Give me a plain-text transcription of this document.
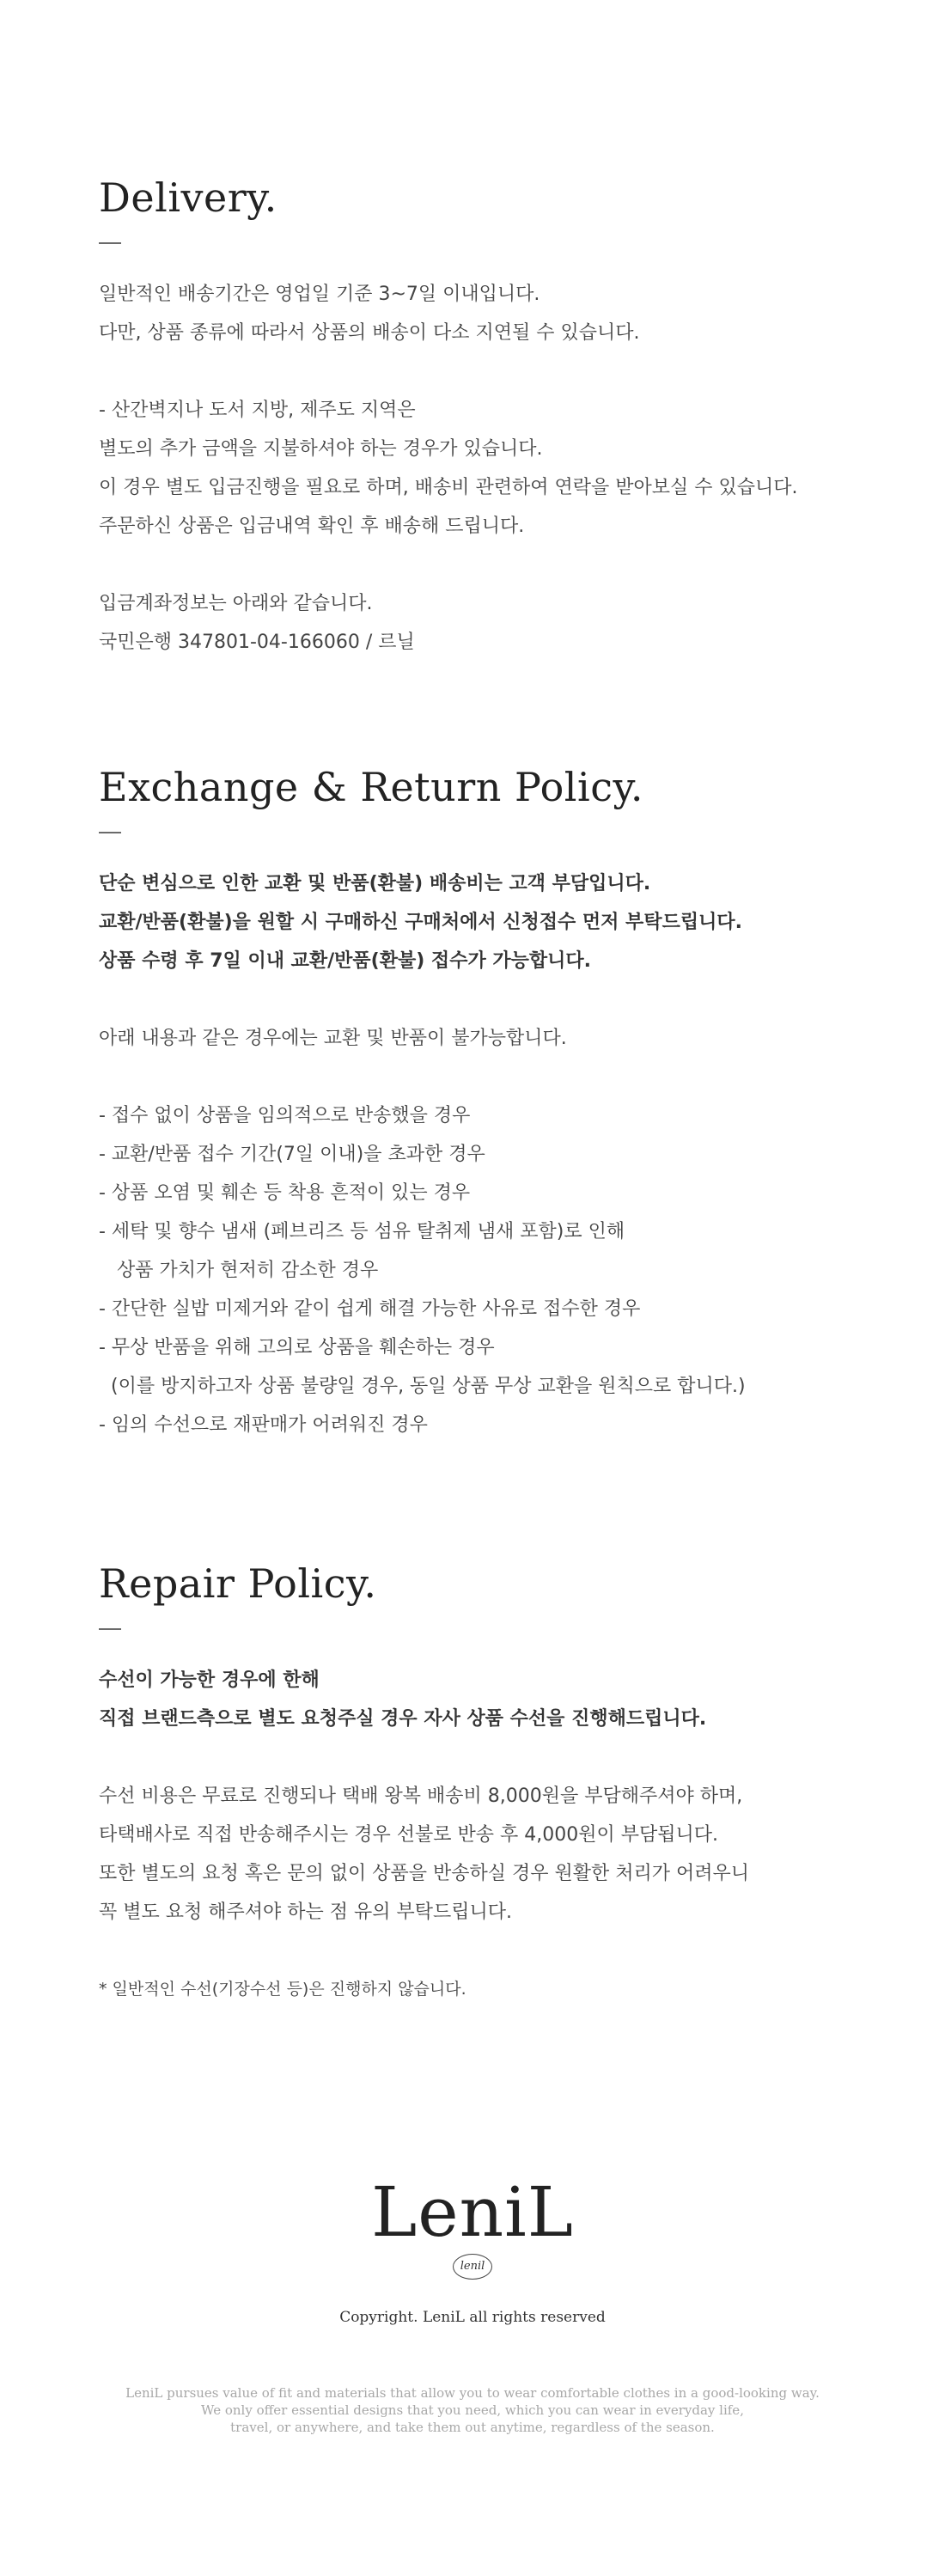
Delivery.
일반적인 배송기간은 영업일 기준 3~7일 이내입니다.
다만, 상품 종류에 따라서 상품의 배송이 다소 지연될 수 있습니다.
- 산간벽지나 도서 지방, 제주도 지역은
별도의 추가 금액을 지불하셔야 하는 경우가 있습니다.
이 경우 별도 입금진행을 필요로 하며, 배송비 관련하여 연락을 받아보실 수 있습니다.
주문하신 상품은 입금내역 확인 후 배송해 드립니다.
입금계좌정보는 아래와 같습니다.
국민은행 347801-04-166060 / 르닐
Exchange & Return Policy.
단순 변심으로 인한 교환 및 반품(환불) 배송비는 고객 부담입니다.
교환/반품(환불)을 원할 시 구매하신 구매처에서 신청접수 먼저 부탁드립니다.
상품 수령 후 7일 이내 교환/반품(환불) 접수가 가능합니다.
아래 내용과 같은 경우에는 교환 및 반품이 불가능합니다.
- 접수 없이 상품을 임의적으로 반송했을 경우
- 교환/반품 접수 기간(7일 이내)을 초과한 경우
- 상품 오염 및 훼손 등 착용 흔적이 있는 경우
- 세탁 및 향수 냄새 (페브리즈 등 섬유 탈취제 냄새 포함)로 인해
상품 가치가 현저히 감소한 경우
- 간단한 실밥 미제거와 같이 쉽게 해결 가능한 사유로 접수한 경우
- 무상 반품을 위해 고의로 상품을 훼손하는 경우
(이를 방지하고자 상품 불량일 경우, 동일 상품 무상 교환을 원칙으로 합니다.)
- 임의 수선으로 재판매가 어려워진 경우
Repair Policy.
수선이 가능한 경우에 한해
직접 브랜드측으로 별도 요청주실 경우 자사 상품 수선을 진행해드립니다.
수선 비용은 무료로 진행되나 택배 왕복 배송비 8,000원을 부담해주셔야 하며,
타택배사로 직접 반송해주시는 경우 선불로 반송 후 4,000원이 부담됩니다.
또한 별도의 요청 혹은 문의 없이 상품을 반송하실 경우 원활한 처리가 어려우니
꼭 별도 요청 해주셔야 하는 점 유의 부탁드립니다.
* 일반적인 수선(기장수선 등)은 진행하지 않습니다.
LeniL
lenil
Copyright. LeniL all rights reserved
LeniL pursues value of fit and materials that allow you to wear comfortable clothes in a good-looking way.
We only offer essential designs that you need, which you can wear in everyday life,
travel, or anywhere, and take them out anytime, regardless of the season.
